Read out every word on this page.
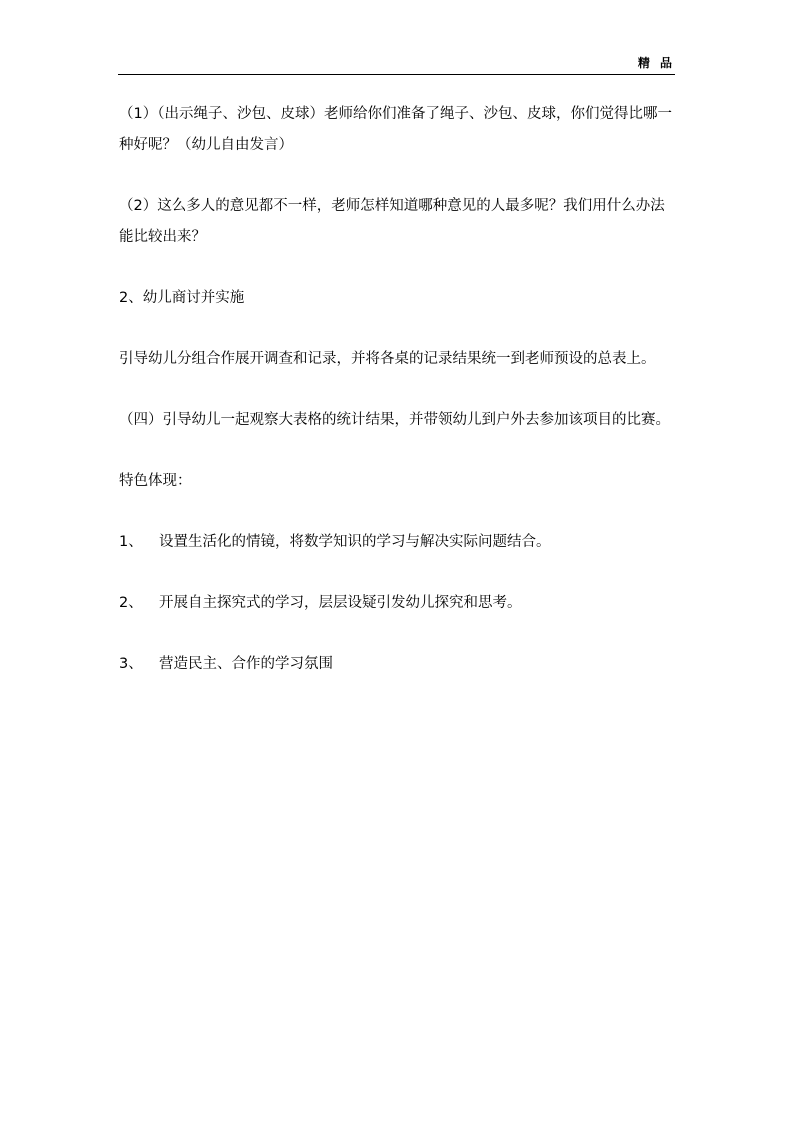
精 品

（1）（出示绳子、沙包、皮球）老师给你们准备了绳子、沙包、皮球，你们觉得比哪一种好呢？（幼儿自由发言）

（2）这么多人的意见都不一样，老师怎样知道哪种意见的人最多呢？我们用什么办法能比较出来？

2、幼儿商讨并实施

引导幼儿分组合作展开调查和记录，并将各桌的记录结果统一到老师预设的总表上。

（四）引导幼儿一起观察大表格的统计结果，并带领幼儿到户外去参加该项目的比赛。

特色体现：

1、 设置生活化的情镜，将数学知识的学习与解决实际问题结合。
2、 开展自主探究式的学习，层层设疑引发幼儿探究和思考。
3、 营造民主、合作的学习氛围
